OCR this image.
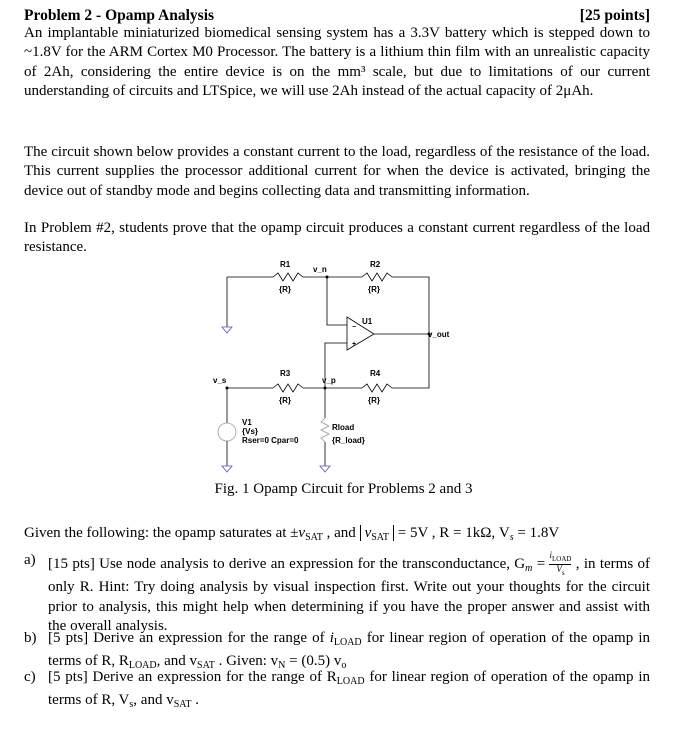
Problem 2 - Opamp Analysis	[25 points]
An implantable miniaturized biomedical sensing system has a 3.3V battery which is stepped down to ~1.8V for the ARM Cortex M0 Processor. The battery is a lithium thin film with an unrealistic capacity of 2Ah, considering the entire device is on the mm³ scale, but due to limitations of our current understanding of circuits and LTSpice, we will use 2Ah instead of the actual capacity of 2μAh.
The circuit shown below provides a constant current to the load, regardless of the resistance of the load. This current supplies the processor additional current for when the device is activated, bringing the device out of standby mode and begins collecting data and transmitting information.
In Problem #2, students prove that the opamp circuit produces a constant current regardless of the load resistance.
R1
{R}
v_n
R2
{R}
U1
−
+
v_out
R3
{R}
v_p
R4
{R}
v_s
V1
{Vs}
Rser=0 Cpar=0
Rload
{R_load}
Fig. 1 Opamp Circuit for Problems 2 and 3
Given the following: the opamp saturates at $\pm v_{SAT}$ , and $v_{SAT} = 5V$ , R = 1kΩ, $V_s = 1.8V$
a) [15 pts] Use node analysis to derive an expression for the transconductance, $G_m$ =
$i_{LOAD}$
$V_s$
, in terms of only R. Hint: Try doing analysis by visual inspection first. Write out your thoughts for the circuit prior to analysis, this might help when determining if you have the proper answer and assist with the overall analysis.
b) [5 pts] Derive an expression for the range of $i_{LOAD}$ for linear region of operation of the opamp in terms of R, $R_{LOAD}$, and $v_{SAT}$ . Given: $v_N = (0.5)$ $v_o$
c) [5 pts] Derive an expression for the range of $R_{LOAD}$ for linear region of operation of the opamp in terms of R, $V_s$, and $v_{SAT}$ .
